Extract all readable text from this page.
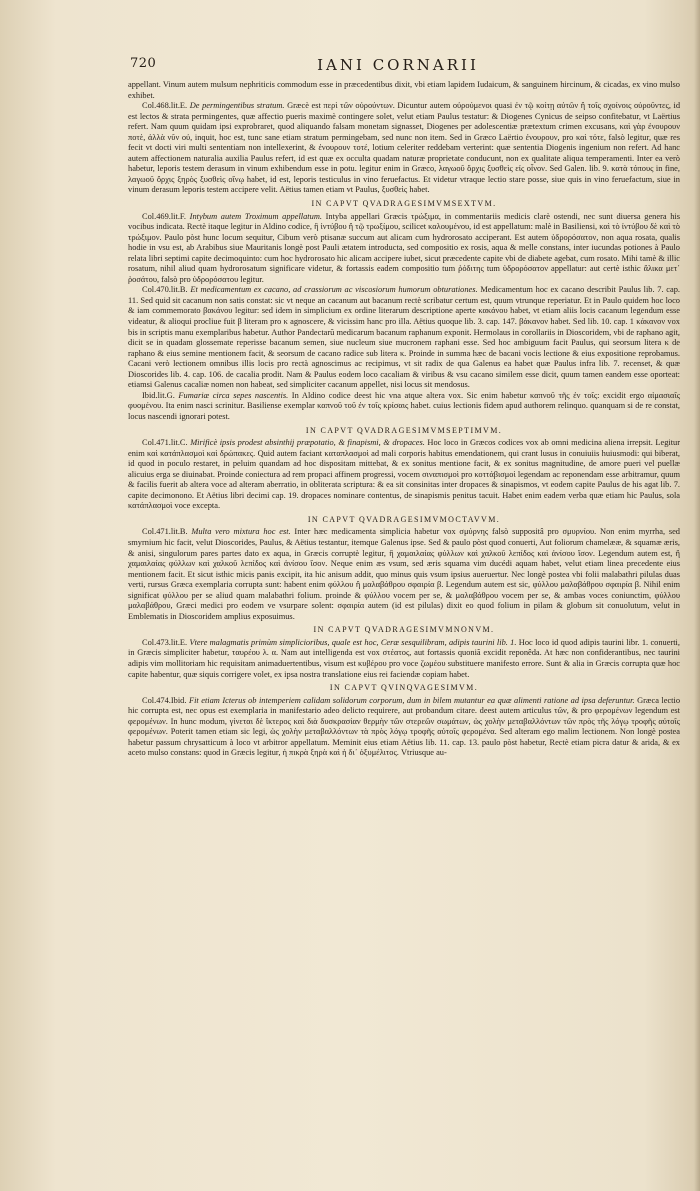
720	IANI CORNARII

appellant. Vinum autem mulsum nephriticis commodum esse in præcedentibus dixit, vbi etiam lapidem Iudaicum, & sanguinem hircinum, & cicadas, ex vino mulso exhibet.

Col.468.lit.E. De permingentibus stratum. Græcè est περὶ τῶν οὐρούντων. Dicuntur autem οὐρούμενοι quasi ἐν τῷ κοίτῃ αὐτῶν ἢ τοῖς σχοίνοις οὐροῦντες, id est lectos & strata permingentes, quæ affectio pueris maximè contingere solet, velut etiam Paulus testatur: & Diogenes Cynicus de seipso confitebatur, vt Laërtius refert. Nam quum quidam ipsi exprobraret, quod aliquando falsam monetam signasset, Diogenes per adolescentiæ prætextum crimen excusans, καὶ γὰρ ἐνουρουν ποτὲ, ἀλλὰ νῦν οὐ, inquit, hoc est, tunc sane etiam stratum permingebam, sed nunc non item. Sed in Græco Laërtio ἐνουρουν, pro καὶ τότε, falsò legitur, quæ res fecit vt docti viri multi sententiam non intellexerint, & ἐνουρουν τοτέ, lotium celeriter reddebam verterint: quæ sententia Diogenis ingenium non refert. Ad hanc autem affectionem naturalia auxilia Paulus refert, id est quæ ex occulta quadam naturæ proprietate conducunt, non ex qualitate aliqua temperamenti. Inter ea verò habetur, leporis testem derasum in vinum exhibendum esse in potu. legitur enim in Græco, λαγωοῦ ὄρχις ξυσθεὶς εἰς οἶνον. Sed Galen. lib. 9. κατὰ τόπους in fine, λαγωοῦ ὄρχις ξηρὸς ξυσθεὶς οἴνῳ habet, id est, leporis testiculus in vino feruefactus. Et videtur vtraque lectio stare posse, siue quis in vino feruefactum, siue in vinum derasum leporis testem accipere velit. Aëtius tamen etiam vt Paulus, ξυσθεὶς habet.

IN CAPVT QVADRAGESIMVMSEXTVM.

Col.469.lit.F. Intybum autem Troximum appellatum. Intyba appellari Græcis τρώξιμα, in commentariis medicis clarè ostendi, nec sunt diuersa genera his vocibus indicata. Rectè itaque legitur in Aldino codice, ἢ ἰντύβου ἢ τῷ τρωξίμου, scilicet καλουμένου, id est appellatum: malè in Basiliensi, καὶ τὸ ἰντύβου δὲ καὶ τὸ τρώξιμον. Paulo pòst hunc locum sequitur, Cibum verò ptisanæ succum aut alicam cum hydrorosato acciperant. Est autem ὑδρορόσατον, non aqua rosata, qualis hodie in vsu est, ab Arabibus siue Mauritanis longè post Pauli ætatem introducta, sed compositio ex rosis, aqua & melle constans, inter iucundas potiones à Paulo relata libri septimi capite decimoquinto: cum hoc hydrorosato hic alicam accipere iubet, sicut præcedente capite vbi de diabete agebat, cum rosato. Mihi tamè & illic rosatum, nihil aliud quam hydrorosatum significare videtur, & fortassis eadem compositio tum ῥόδιτης tum ὑδρορόσατον appellatur: aut certè isthic ἄλικα μετ᾽ ῥοσάτου, falsò pro ὑδρορόσατου legitur.

Col.470.lit.B. Et medicamentum ex cacano, ad crassiorum ac viscosiorum humorum obturationes. Medicamentum hoc ex cacano describit Paulus lib. 7. cap. 11. Sed quid sit cacanum non satis constat: sic vt neque an cacanum aut bacanum rectè scribatur certum est, quum vtrunque reperiatur. Et in Paulo quidem hoc loco & iam commemorato βακάνου legitur: sed idem in simplicium ex ordine literarum descriptione aperte κακάνου habet, vt etiam aliis locis cacanum legendum esse videatur, & alioqui procliue fuit β literam pro κ agnoscere, & vicissim hanc pro illa. Aëtius quoque lib. 3. cap. 147. βάκανον habet. Sed lib. 10. cap. 1 κάκανον vox bis in scriptis manu exemplaribus habetur. Author Pandectarũ medicarum bacanum raphanum exponit. Hermolaus in corollariis in Dioscoridem, vbi de raphano agit, dicit se in quadam glossemate reperisse bacanum semen, siue nucleum siue mucronem raphani esse. Sed hoc ambiguum facit Paulus, qui seorsum litera κ de raphano & eius semine mentionem facit, & seorsum de cacano radice sub litera κ. Proinde in summa hæc de bacani vocis lectione & eius expositione reprobamus. Cacani verò lectionem omnibus illis locis pro rectà agnoscimus ac recipimus, vt sit radix de qua Galenus ea habet quæ Paulus infra lib. 7. recenset, & quæ Dioscorides lib. 4. cap. 106. de cacalia prodit. Nam & Paulus eodem loco cacaliam & viribus & vsu cacano similem esse dicit, quum tamen eandem esse oporteat: etiamsi Galenus cacaliæ nomen non habeat, sed simpliciter cacanum appellet, nisi locus sit mendosus.

Ibid.lit.G. Fumariæ circa sepes nascentis. In Aldino codice deest hic vna atque altera vox. Sic enim habetur καπνοῦ τῆς ἐν τοῖς: excidit ergo αἱμασιαῖς φυομένου. Ita enim nasci scrinitur. Basiliense exemplar καπνοῦ τοῦ ἐν τοῖς κρίσαις habet. cuius lectionis fidem apud authorem relinquo. quanquam si de re constat, locus nascendi ignorari potest.

IN CAPVT QVADRAGESIMVMSEPTIMVM.

Col.471.lit.C. Mirificè ipsis prodest absinthij præpotatio, & finapismi, & dropaces. Hoc loco in Græcos codices vox ab omni medicina aliena irrepsit. Legitur enim καὶ κατάπλασμοὶ καὶ δρώπακες. Quid autem faciant καταπλασμοὶ ad mali corporis habitus emendationem, qui crant lusus in conuiuiis huiusmodi: qui biberat, id quod in poculo restaret, in peluim quandam ad hoc dispositam mittebat, & ex sonitus mentione facit, & ex sonitus magnitudine, de amore pueri vel puellæ alicuius erga se diuinabat. Proinde coniectura ad rem propaci affinem progressi, vocem σιναπισμοὶ pro κοττάβισμοὶ legendam ac reponendam esse arbitramur, quum & facilis fuerit ab altera voce ad alteram aberratio, in obliterata scriptura: & ea sit consinitas inter dropaces & sinapismos, vt eodem capite Paulus de his agat lib. 7. capite decimonono. Et Aëtius libri decimi cap. 19. dropaces nominare contentus, de sinapismis penitus tacuit. Habet enim eadem verba quæ etiam hic Paulus, sola κατάπλασμοὶ voce excepta.

IN CAPVT QVADRAGESIMVMOCTAVVM.

Col.471.lit.B. Multa vero mixtura hoc est. Inter hæc medicamenta simplicia habetur vox σμύρνης falsò suppositâ pro σμυρνίου. Non enim myrrha, sed smyrnium hic facit, velut Dioscorides, Paulus, & Aëtius testantur, itemque Galenus ipse. Sed & paulo pòst quod conuerti, Aut foliorum chamelææ, & squamæ æris, & anisi, singulorum pares partes dato ex aqua, in Græcis corruptè legitur, ἢ χαμαιλαίας φύλλων καὶ χαλκοῦ λεπίδος καὶ ἀνίσου ἴσον. Legendum autem est, ἢ χαμαιλαίας φύλλων καὶ χαλκοῦ λεπίδος καὶ ἀνίσου ἴσον. Neque enim æs vsum, sed æris squama vim ducédi aquam habet, velut etiam linea precedente eius mentionem facit. Et sicut isthic micis panis excipit, ita hic anisum addit, quo minus quis vsum ipsius aueruertur. Nec longè postea vbi folii malabathri pilulas duas verti, rursus Græca exemplaria corrupta sunt: habent enim φύλλου ἢ μαλαβάθρου σφαιρία β. Legendum autem est sic, φύλλου μαλαβάθρου σφαιρία β. Nihil enim significat φύλλου per se aliud quam malabathri folium. proinde & φύλλου vocem per se, & μαλαβάθρου vocem per se, & ambas voces coniunctim, φύλλου μαλαβάθρου, Græci medici pro eodem ve vsurpare solent: σφαιρία autem (id est pilulas) dixit eo quod folium in pilam & globum sit conuolutum, velut in Emblematis in Dioscoridem amplius exposuimus.

IN CAPVT QVADRAGESIMVMNONVM.

Col.473.lit.E. Vtere malagmatis primùm simplicioribus, quale est hoc, Ceræ sesquilibram, adipis taurini lib. 1. Hoc loco id quod adipis taurini libr. 1. conuerti, in Græcis simpliciter habetur, ταυρέου λ. α. Nam aut intelligenda est vox στέατος, aut fortassis quoniã excidit reponêda. At hæc non confiderantibus, nec taurini adipis vim mollitoriam hic requisitam animaduertentibus, visum est κυβέρου pro voce ζωμέου substituere manifesto errore. Sunt & alia in Græcis corrupta quæ hoc capite habentur, quæ siquis corrigere volet, ex ipsa nostra translatione eius rei faciendæ copiam habet.

IN CAPVT QVINQVAGESIMVM.

Col.474.Ibid. Fit etiam Icterus ob intemperiem calidam solidorum corporum, dum in bilem mutantur ea quæ alimenti ratione ad ipsa deferuntur. Græca lectio hic corrupta est, nec opus est exemplaria in manifestario adeo delicto requirere, aut probandum citare. deest autem articulus τῶν, & pro φερομένων legendum est φερομένων. In hunc modum, γίνεται δὲ ἴκτερος καὶ διὰ δυσκρασίαν θερμὴν τῶν στερεῶν σωμάτων, ὡς χολὴν μεταβαλλόντων τῶν πρὸς τῆς λόγῳ τροφῆς αὐτοῖς φερομένων. Poterit tamen etiam sic legi, ὡς χολὴν μεταβαλλόντων τὰ πρὸς λόγῳ τροφῆς αὐτοῖς φερομένα. Sed alteram ego malim lectionem. Non longè postea habetur passum chrysatticum à loco vt arbitror appellatum. Meminit eius etiam Aëtius lib. 11. cap. 13. paulo pòst habetur, Rectè etiam picra datur & arida, & ex aceto mulso constans: quod in Græcis legitur, ἡ πικρὰ ξηρὰ καὶ ἡ δι᾽ ὀξυμέλιτος. Vtriusque au-
